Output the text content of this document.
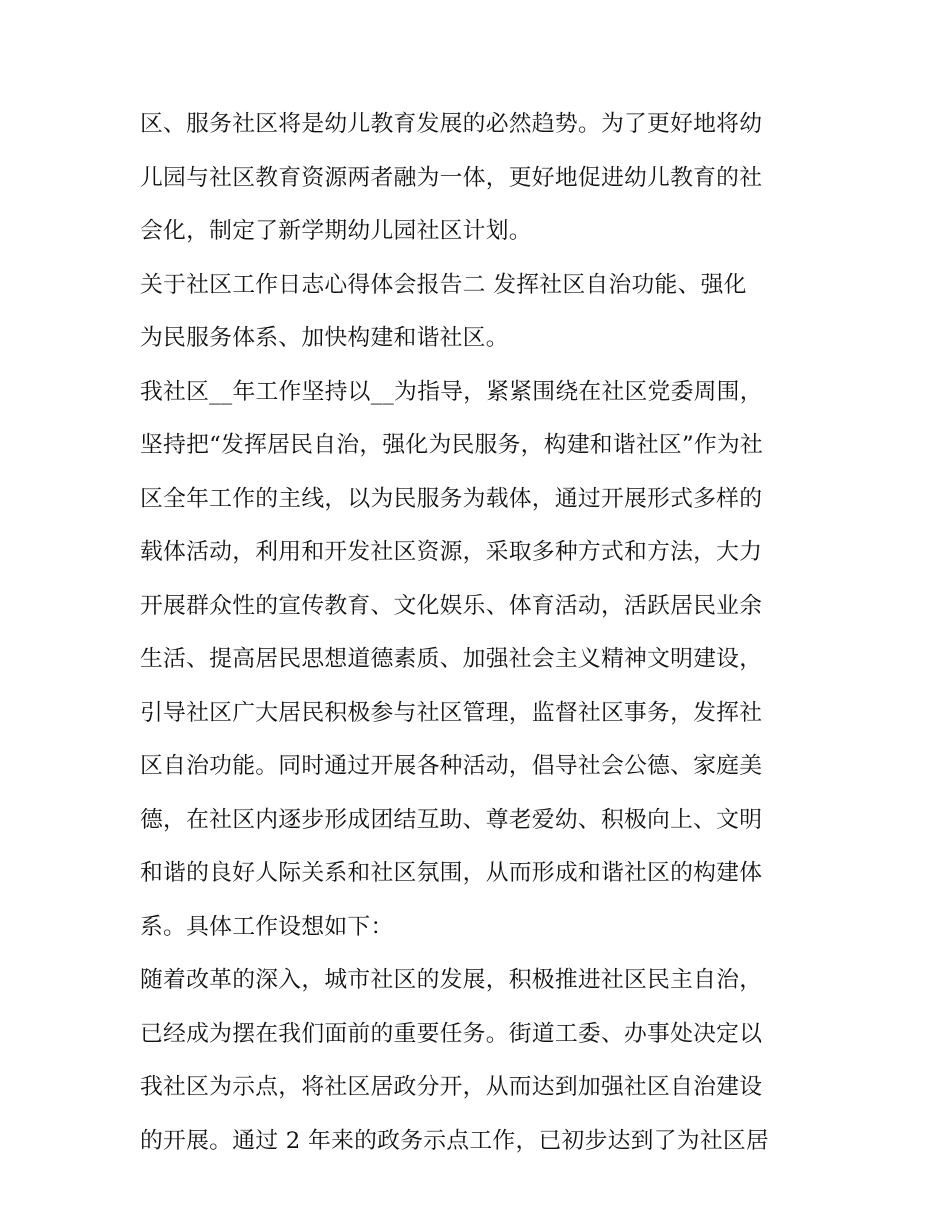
区、服务社区将是幼儿教育发展的必然趋势。为了更好地将幼
儿园与社区教育资源两者融为一体，更好地促进幼儿教育的社
会化，制定了新学期幼儿园社区计划。
关于社区工作日志心得体会报告二 发挥社区自治功能、强化
为民服务体系、加快构建和谐社区。
我社区__年工作坚持以__为指导，紧紧围绕在社区党委周围，
坚持把“发挥居民自治，强化为民服务，构建和谐社区”作为社
区全年工作的主线，以为民服务为载体，通过开展形式多样的
载体活动，利用和开发社区资源，采取多种方式和方法，大力
开展群众性的宣传教育、文化娱乐、体育活动，活跃居民业余
生活、提高居民思想道德素质、加强社会主义精神文明建设，
引导社区广大居民积极参与社区管理，监督社区事务，发挥社
区自治功能。同时通过开展各种活动，倡导社会公德、家庭美
德，在社区内逐步形成团结互助、尊老爱幼、积极向上、文明
和谐的良好人际关系和社区氛围，从而形成和谐社区的构建体
系。具体工作设想如下：
随着改革的深入，城市社区的发展，积极推进社区民主自治，
已经成为摆在我们面前的重要任务。街道工委、办事处决定以
我社区为示点，将社区居政分开，从而达到加强社区自治建设
的开展。通过 2 年来的政务示点工作，已初步达到了为社区居
